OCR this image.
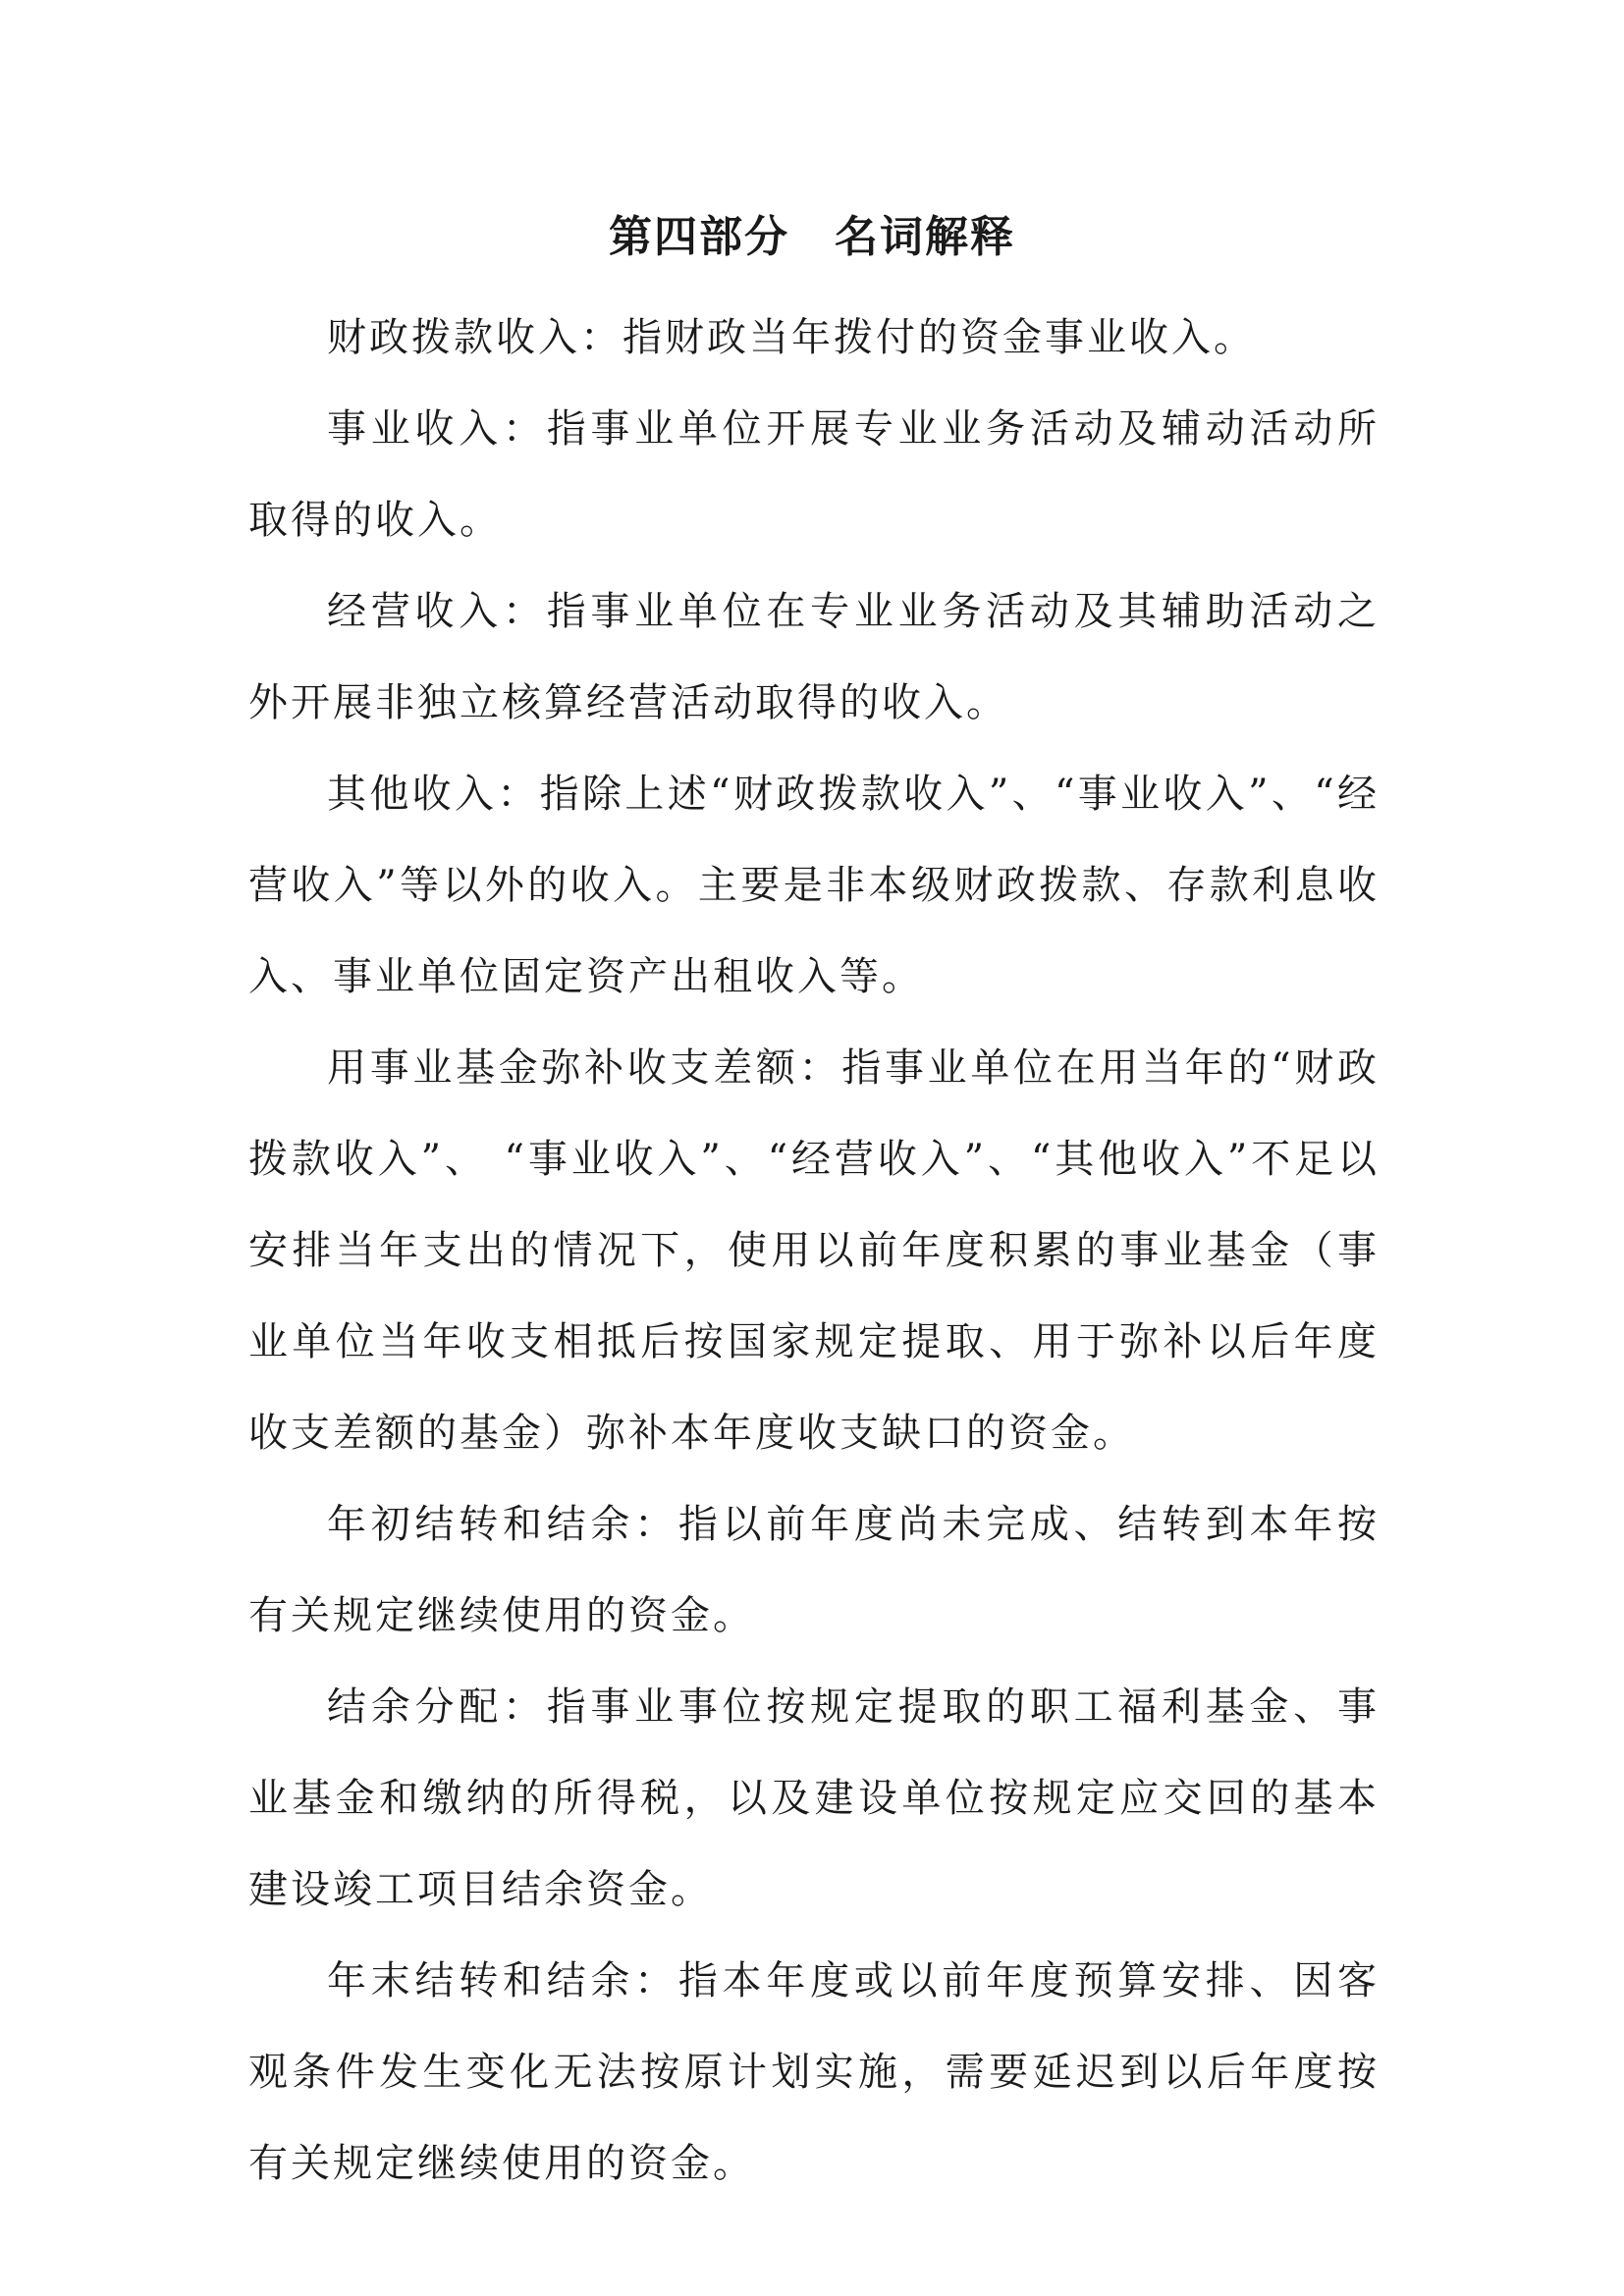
第四部分　名词解释

财政拨款收入：指财政当年拨付的资金事业收入。

事业收入：指事业单位开展专业业务活动及辅动活动所取得的收入。

经营收入：指事业单位在专业业务活动及其辅助活动之外开展非独立核算经营活动取得的收入。

其他收入：指除上述“财政拨款收入”、“事业收入”、“经营收入”等以外的收入。主要是非本级财政拨款、存款利息收入、事业单位固定资产出租收入等。

用事业基金弥补收支差额：指事业单位在用当年的“财政拨款收入”、 “事业收入”、“经营收入”、“其他收入”不足以安排当年支出的情况下，使用以前年度积累的事业基金（事业单位当年收支相抵后按国家规定提取、用于弥补以后年度收支差额的基金）弥补本年度收支缺口的资金。

年初结转和结余：指以前年度尚未完成、结转到本年按有关规定继续使用的资金。

结余分配：指事业事位按规定提取的职工福利基金、事业基金和缴纳的所得税，以及建设单位按规定应交回的基本建设竣工项目结余资金。

年末结转和结余：指本年度或以前年度预算安排、因客观条件发生变化无法按原计划实施，需要延迟到以后年度按有关规定继续使用的资金。
